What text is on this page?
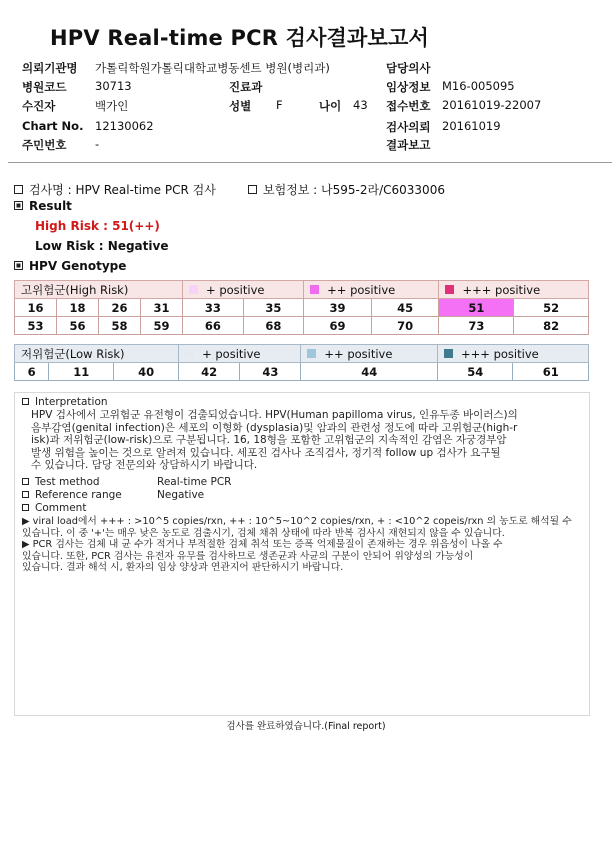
HPV Real-time PCR 검사결과보고서
의뢰기관명 가톨릭학원가톨릭대학교병동센트 병원(병리과)	담당의사
병원코드 30713	진료과	임상정보 M16-005095
수진자	백가인	성별 F	나이 43 접수번호 20161019-22007
Chart No. 12130062	검사의뢰 20161019
주민번호 -	결과보고
검사명 : HPV Real-time PCR 검사	보험정보 : 나595-2라/C6033006
Result
High Risk : 51(++)
Low Risk : Negative
HPV Genotype
고위험군(High Risk)				+ positive		++ positive		+++ positive	
16	18	26	31	33	35	39	45	51	52
53	56	58	59	66	68	69	70	73	82
저위험군(Low Risk)			+ positive		++ positive	+++ positive	
6	11	40	42	43	44	54	61
Interpretation
HPV 검사에서 고위험군 유전형이 검출되었습니다. HPV(Human papilloma virus, 인유두종 바이러스)의
음부감염(genital infection)은 세포의 이형화 (dysplasia)및 암과의 관련성 정도에 따라 고위험군(high-r
isk)과 저위험군(low-risk)으로 구분됩니다. 16, 18형을 포함한 고위험군의 지속적인 감염은 자궁경부암
발생 위험을 높이는 것으로 알려져 있습니다. 세포진 검사나 조직검사, 정기적 follow up 검사가 요구될
수 있습니다. 담당 전문의와 상담하시기 바랍니다.
Test method	Real-time PCR
Reference range	Negative
Comment
▶ viral load에서 +++ : >10^5 copies/rxn, ++ : 10^5~10^2 copies/rxn, + : <10^2 copeis/rxn 의 농도로 해석될 수
있습니다. 이 중 '+'는 매우 낮은 농도로 검출시기, 검체 채취 상태에 따라 반복 검사시 재현되지 않을 수 있습니다.
▶ PCR 검사는 검체 내 균 수가 적거나 부적절한 검체 취석 또는 증폭 억제물질이 존재하는 경우 위음성이 나올 수
있습니다. 또한, PCR 검사는 유전자 유무를 검사하므로 생존균과 사균의 구분이 안되어 위양성의 가능성이
있습니다. 결과 해석 시, 환자의 임상 양상과 연관지어 판단하시기 바랍니다.
검사를 완료하였습니다.(Final report)
